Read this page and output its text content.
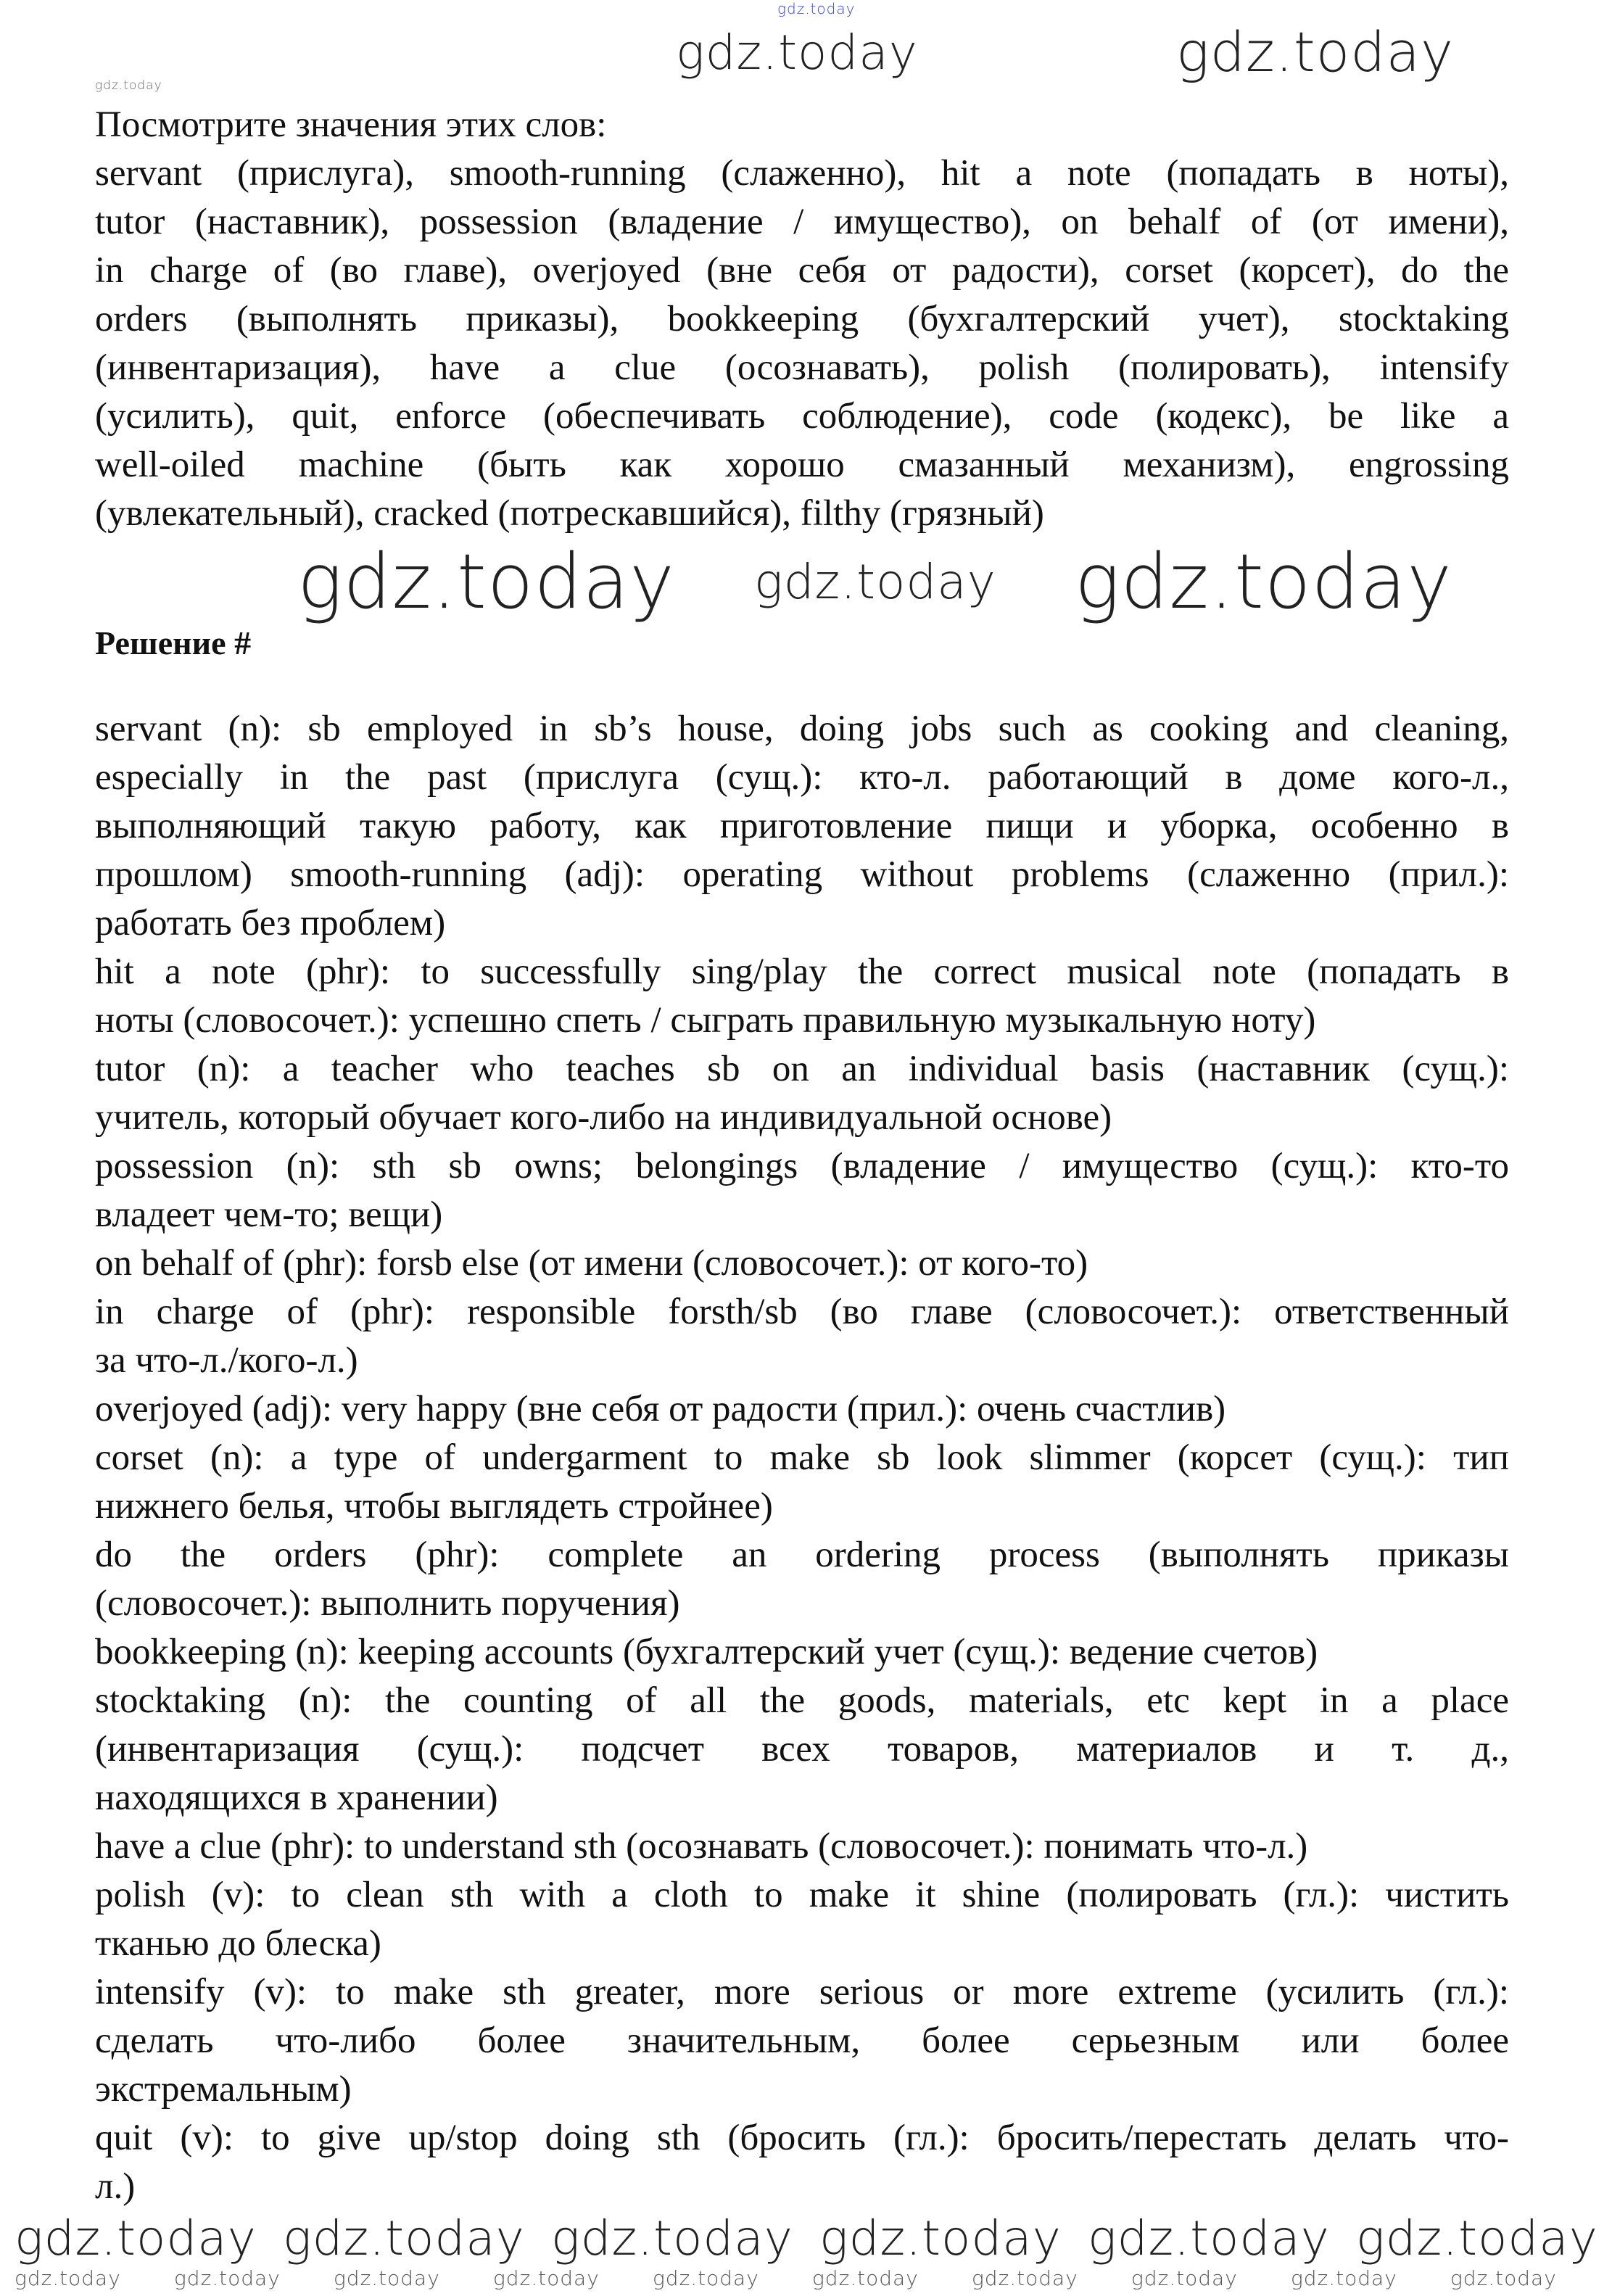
gdz.today
Посмотрите значения этих слов:
servant (прислуга), smooth-running (слаженно), hit a note (попадать в ноты),
tutor (наставник), possession (владение / имущество), on behalf of (от имени),
in charge of (во главе), overjoyed (вне себя от радости), corset (корсет), do the
orders (выполнять приказы), bookkeeping (бухгалтерский учет), stocktaking
(инвентаризация), have a clue (осознавать), polish (полировать), intensify
(усилить), quit, enforce (обеспечивать соблюдение), code (кодекс), be like a
well-oiled machine (быть как хорошо смазанный механизм), engrossing
(увлекательный), cracked (потрескавшийся), filthy (грязный)
Решение #
servant (n): sb employed in sb’s house, doing jobs such as cooking and cleaning,
especially in the past (прислуга (сущ.): кто-л. работающий в доме кого-л.,
выполняющий такую работу, как приготовление пищи и уборка, особенно в
прошлом) smooth-running (adj): operating without problems (слаженно (прил.):
работать без проблем)
hit a note (phr): to successfully sing/play the correct musical note (попадать в
ноты (словосочет.): успешно спеть / сыграть правильную музыкальную ноту)
tutor (n): a teacher who teaches sb on an individual basis (наставник (сущ.):
учитель, который обучает кого-либо на индивидуальной основе)
possession (n): sth sb owns; belongings (владение / имущество (сущ.): кто-то
владеет чем-то; вещи)
on behalf of (phr): forsb else (от имени (словосочет.): от кого-то)
in charge of (phr): responsible forsth/sb (во главе (словосочет.): ответственный
за что-л./кого-л.)
overjoyed (adj): very happy (вне себя от радости (прил.): очень счастлив)
corset (n): a type of undergarment to make sb look slimmer (корсет (сущ.): тип
нижнего белья, чтобы выглядеть стройнее)
do the orders (phr): complete an ordering process (выполнять приказы
(словосочет.): выполнить поручения)
bookkeeping (n): keeping accounts (бухгалтерский учет (сущ.): ведение счетов)
stocktaking (n): the counting of all the goods, materials, etc kept in a place
(инвентаризация (сущ.): подсчет всех товаров, материалов и т. д.,
находящихся в хранении)
have a clue (phr): to understand sth (осознавать (словосочет.): понимать что-л.)
polish (v): to clean sth with a cloth to make it shine (полировать (гл.): чистить
тканью до блеска)
intensify (v): to make sth greater, more serious or more extreme (усилить (гл.):
сделать что-либо более значительным, более серьезным или более
экстремальным)
quit (v): to give up/stop doing sth (бросить (гл.): бросить/перестать делать что-
л.)
gdz.today	gdz.today
gdz.today
gdz.today gdz.today gdz.today
gdz.today gdz.today gdz.today gdz.today gdz.today gdz.today
gdz.today	gdz.today	gdz.today	gdz.today	gdz.today	gdz.today	gdz.today	gdz.today	gdz.today	gdz.today
